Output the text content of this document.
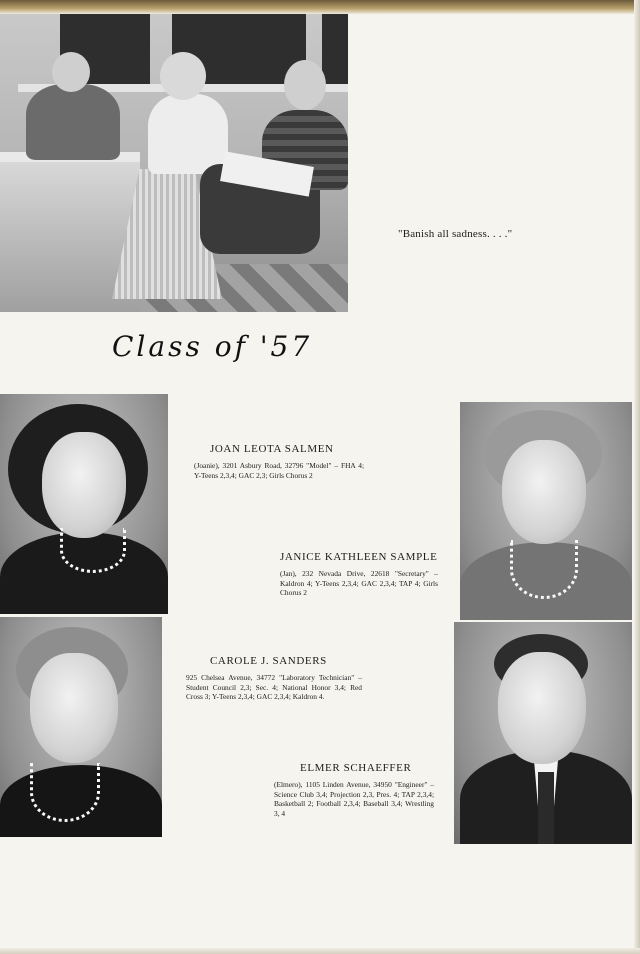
"Banish all sadness. . . ."
Class of '57
JOAN LEOTA SALMEN
(Joanie), 3201 Asbury Road, 32796 "Model" – FHA 4; Y-Teens 2,3,4; GAC 2,3; Girls Chorus 2
JANICE KATHLEEN SAMPLE
(Jan), 232 Nevada Drive, 22618 "Secretary" – Kaldron 4; Y-Teens 2,3,4; GAC 2,3,4; TAP 4; Girls Chorus 2
CAROLE J. SANDERS
925 Chelsea Avenue, 34772 "Laboratory Technician" – Student Council 2,3; Sec. 4; National Honor 3,4; Red Cross 3; Y-Teens 2,3,4; GAC 2,3,4; Kaldron 4.
ELMER SCHAEFFER
(Elmero), 1105 Linden Avenue, 34950 "Engineer" – Science Club 3,4; Projection 2,3, Pres. 4; TAP 2,3,4; Basketball 2; Football 2,3,4; Baseball 3,4; Wrestling 3, 4
